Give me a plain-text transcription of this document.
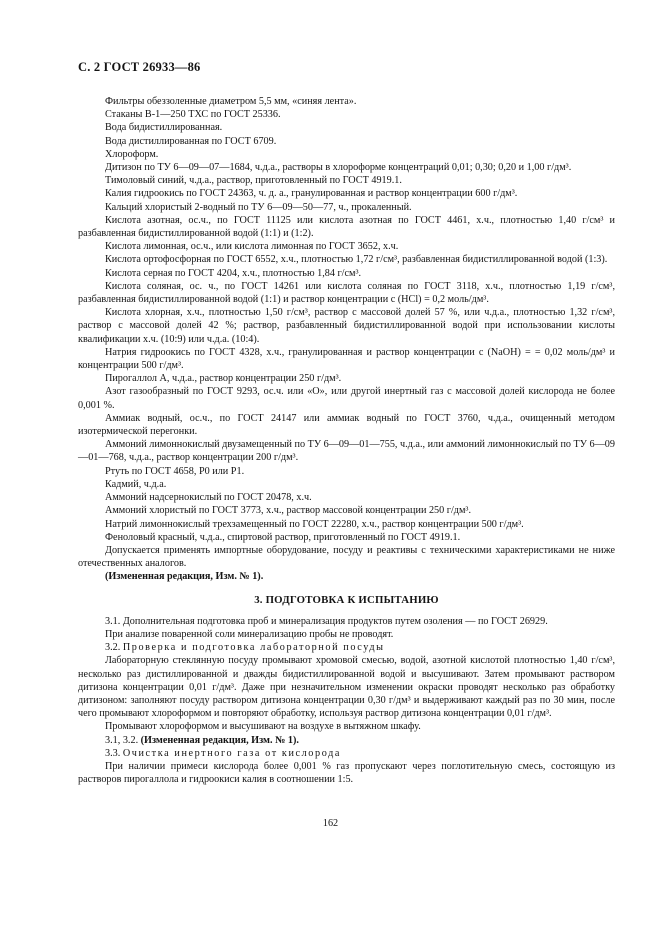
С. 2 ГОСТ 26933—86

Фильтры обеззоленные диаметром 5,5 мм, «синяя лента».

Стаканы В-1—250 ТХС по ГОСТ 25336.

Вода бидистиллированная.

Вода дистиллированная по ГОСТ 6709.

Хлороформ.

Дитизон по ТУ 6—09—07—1684, ч.д.а., растворы в хлороформе концентраций 0,01; 0,30; 0,20 и 1,00 г/дм³.

Тимоловый синий, ч.д.а., раствор, приготовленный по ГОСТ 4919.1.

Калия гидроокись по ГОСТ 24363, ч. д. а., гранулированная и раствор концентрации 600 г/дм³.

Кальций хлористый 2-водный по ТУ 6—09—50—77, ч., прокаленный.

Кислота азотная, ос.ч., по ГОСТ 11125 или кислота азотная по ГОСТ 4461, х.ч., плотностью 1,40 г/см³ и разбавленная бидистиллированной водой (1:1) и (1:2).

Кислота лимонная, ос.ч., или кислота лимонная по ГОСТ 3652, х.ч.

Кислота ортофосфорная по ГОСТ 6552, х.ч., плотностью 1,72 г/см³, разбавленная бидистиллированной водой (1:3).

Кислота серная по ГОСТ 4204, х.ч., плотностью 1,84 г/см³.

Кислота соляная, ос. ч., по ГОСТ 14261 или кислота соляная по ГОСТ 3118, х.ч., плотностью 1,19 г/см³, разбавленная бидистиллированной водой (1:1) и раствор концентрации c (HCl) = 0,2 моль/дм³.

Кислота хлорная, х.ч., плотностью 1,50 г/см³, раствор с массовой долей 57 %, или ч.д.а., плотностью 1,32 г/см³, раствор с массовой долей 42 %; раствор, разбавленный бидистиллированной водой при использовании кислоты квалификации х.ч. (10:9) или ч.д.а. (10:4).

Натрия гидроокись по ГОСТ 4328, х.ч., гранулированная и раствор концентрации c (NaOH) = = 0,02 моль/дм³ и концентрации 500 г/дм³.

Пирогаллол А, ч.д.а., раствор концентрации 250 г/дм³.

Азот газообразный по ГОСТ 9293, ос.ч. или «О», или другой инертный газ с массовой долей кислорода не более 0,001 %.

Аммиак водный, ос.ч., по ГОСТ 24147 или аммиак водный по ГОСТ 3760, ч.д.а., очищенный методом изотермической перегонки.

Аммоний лимоннокислый двузамещенный по ТУ 6—09—01—755, ч.д.а., или аммоний лимоннокислый по ТУ 6—09—01—768, ч.д.а., раствор концентрации 200 г/дм³.

Ртуть по ГОСТ 4658, Р0 или Р1.

Кадмий, ч.д.а.

Аммоний надсернокислый по ГОСТ 20478, х.ч.

Аммоний хлористый по ГОСТ 3773, х.ч., раствор массовой концентрации 250 г/дм³.

Натрий лимоннокислый трехзамещенный по ГОСТ 22280, х.ч., раствор концентрации 500 г/дм³.

Феноловый красный, ч.д.а., спиртовой раствор, приготовленный по ГОСТ 4919.1.

Допускается применять импортные оборудование, посуду и реактивы с техническими характеристиками не ниже отечественных аналогов.

(Измененная редакция, Изм. № 1).

3. ПОДГОТОВКА К ИСПЫТАНИЮ

3.1. Дополнительная подготовка проб и минерализация продуктов путем озоления — по ГОСТ 26929.

При анализе поваренной соли минерализацию пробы не проводят.

3.2. Проверка и подготовка лабораторной посуды

Лабораторную стеклянную посуду промывают хромовой смесью, водой, азотной кислотой плотностью 1,40 г/см³, несколько раз дистиллированной и дважды бидистиллированной водой и высушивают. Затем промывают раствором дитизона концентрации 0,01 г/дм³. Даже при незначительном изменении окраски проводят несколько раз обработку дитизоном: заполняют посуду раствором дитизона концентрации 0,30 г/дм³ и выдерживают каждый раз по 30 мин, после чего промывают хлороформом и повторяют обработку, используя раствор дитизона концентрации 0,01 г/дм³.

Промывают хлороформом и высушивают на воздухе в вытяжном шкафу.

3.1, 3.2. (Измененная редакция, Изм. № 1).

3.3. Очистка инертного газа от кислорода

При наличии примеси кислорода более 0,001 % газ пропускают через поглотительную смесь, состоящую из растворов пирогаллола и гидроокиси калия в соотношении 1:5.

162
